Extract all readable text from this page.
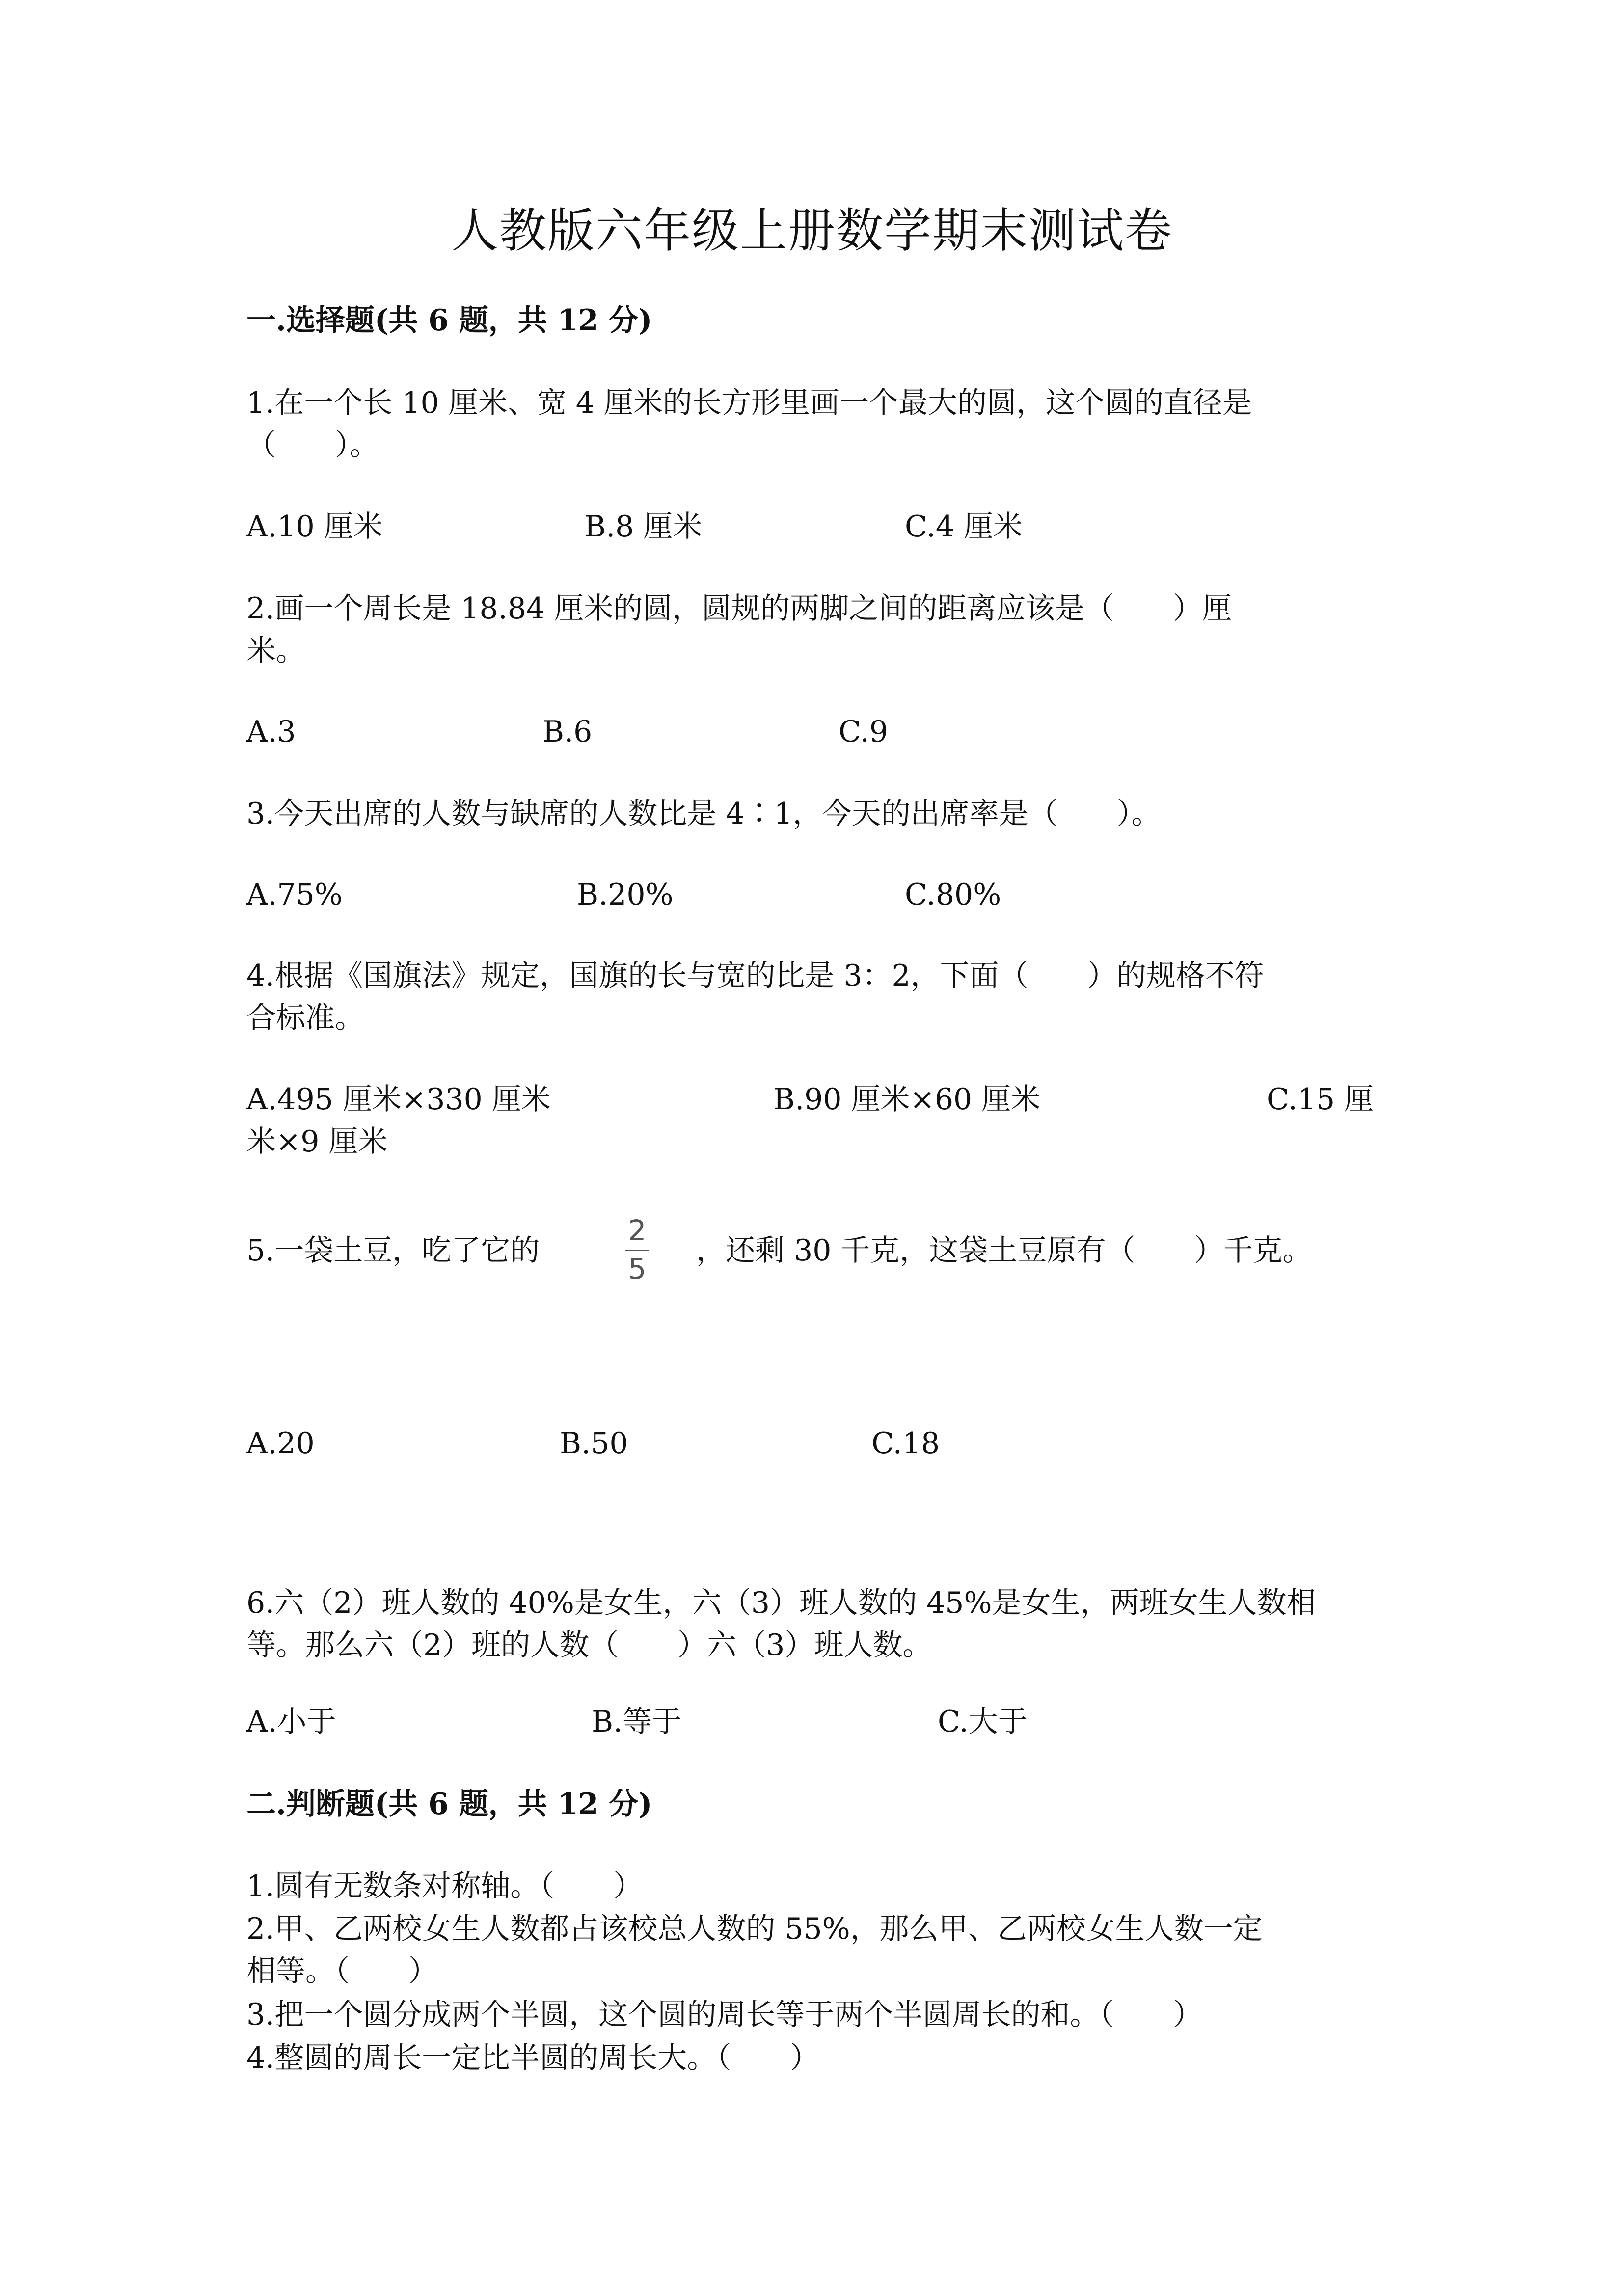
人教版六年级上册数学期末测试卷
一.选择题(共 6 题，共 12 分)
1.在一个长 10 厘米、宽 4 厘米的长方形里画一个最大的圆，这个圆的直径是
（　　）。
A.10 厘米	B.8 厘米	C.4 厘米
2.画一个周长是 18.84 厘米的圆，圆规的两脚之间的距离应该是（　　）厘
米。
A.3	B.6	C.9
3.今天出席的人数与缺席的人数比是 4∶1，今天的出席率是（　　）。
A.75%	B.20%	C.80%
4.根据《国旗法》规定，国旗的长与宽的比是 3：2，下面（　　）的规格不符
合标准。
A.495 厘米×330 厘米	B.90 厘米×60 厘米	C.15 厘
米×9 厘米
5.一袋土豆，吃了它的
2
5
，还剩 30 千克，这袋土豆原有（　　）千克。
A.20	B.50	C.18
6.六（2）班人数的 40%是女生，六（3）班人数的 45%是女生，两班女生人数相
等。那么六（2）班的人数（　　）六（3）班人数。
A.小于	B.等于	C.大于
二.判断题(共 6 题，共 12 分)
1.圆有无数条对称轴。（　　）
2.甲、乙两校女生人数都占该校总人数的 55%，那么甲、乙两校女生人数一定
相等。（　　）
3.把一个圆分成两个半圆，这个圆的周长等于两个半圆周长的和。（　　）
4.整圆的周长一定比半圆的周长大。（　　）
